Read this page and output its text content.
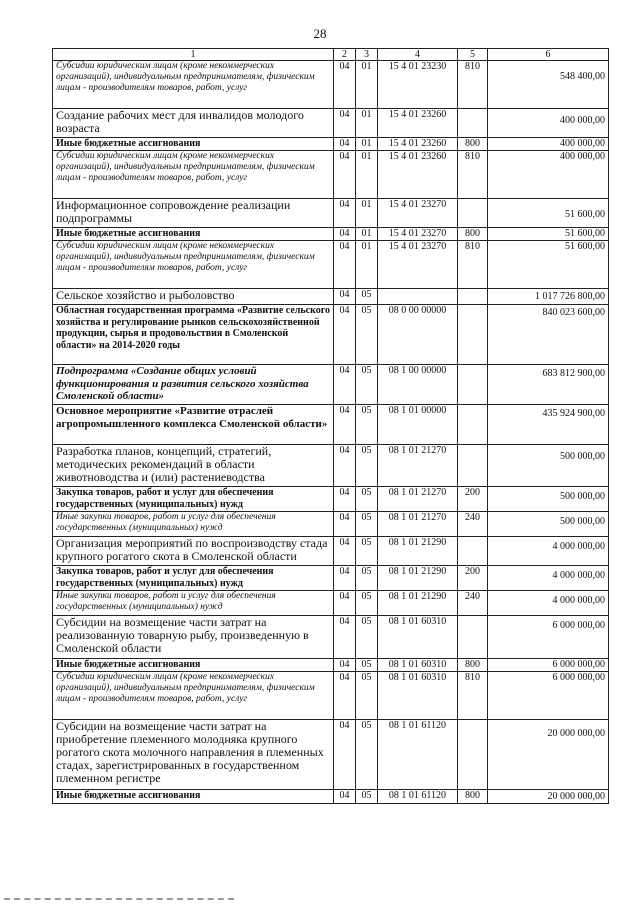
28
1	2	3	4	5	6
Субсидии юридическим лицам (кроме некоммерческих организаций), индивидуальным предпринимателям, физическим лицам - производителям товаров, работ, услуг	04	01	15 4 01 23230	810	548 400,00
Создание рабочих мест для инвалидов молодого возраста	04	01	15 4 01 23260		400 000,00
Иные бюджетные ассигнования	04	01	15 4 01 23260	800	400 000,00
Субсидии юридическим лицам (кроме некоммерческих организаций), индивидуальным предпринимателям, физическим лицам - производителям товаров, работ, услуг	04	01	15 4 01 23260	810	400 000,00
Информационное сопровождение реализации подпрограммы	04	01	15 4 01 23270		51 600,00
Иные бюджетные ассигнования	04	01	15 4 01 23270	800	51 600,00
Субсидии юридическим лицам (кроме некоммерческих организаций), индивидуальным предпринимателям, физическим лицам - производителям товаров, работ, услуг	04	01	15 4 01 23270	810	51 600,00
Сельское хозяйство и рыболовство	04	05			1 017 726 800,00
Областная государственная программа «Развитие сельского хозяйства и регулирование рынков сельскохозяйственной продукции, сырья и продовольствия в Смоленской области» на 2014-2020 годы	04	05	08 0 00 00000		840 023 600,00
Подпрограмма «Создание общих условий функционирования и развития сельского хозяйства Смоленской области»	04	05	08 1 00 00000		683 812 900,00
Основное мероприятие «Развитие отраслей агропромышленного комплекса Смоленской области»	04	05	08 1 01 00000		435 924 900,00
Разработка планов, концепций, стратегий, методических рекомендаций в области животноводства и (или) растениеводства	04	05	08 1 01 21270		500 000,00
Закупка товаров, работ и услуг для обеспечения государственных (муниципальных) нужд	04	05	08 1 01 21270	200	500 000,00
Иные закупки товаров, работ и услуг для обеспечения государственных (муниципальных) нужд	04	05	08 1 01 21270	240	500 000,00
Организация мероприятий по воспроизводству стада крупного рогатого скота в Смоленской области	04	05	08 1 01 21290		4 000 000,00
Закупка товаров, работ и услуг для обеспечения государственных (муниципальных) нужд	04	05	08 1 01 21290	200	4 000 000,00
Иные закупки товаров, работ и услуг для обеспечения государственных (муниципальных) нужд	04	05	08 1 01 21290	240	4 000 000,00
Субсидии на возмещение части затрат на реализованную товарную рыбу, произведенную в Смоленской области	04	05	08 1 01 60310		6 000 000,00
Иные бюджетные ассигнования	04	05	08 1 01 60310	800	6 000 000,00
Субсидии юридическим лицам (кроме некоммерческих организаций), индивидуальным предпринимателям, физическим лицам - производителям товаров, работ, услуг	04	05	08 1 01 60310	810	6 000 000,00
Субсидии на возмещение части затрат на приобретение племенного молодняка крупного рогатого скота молочного направления в племенных стадах, зарегистрированных в государственном племенном регистре	04	05	08 1 01 61120		20 000 000,00
Иные бюджетные ассигнования	04	05	08 1 01 61120	800	20 000 000,00
